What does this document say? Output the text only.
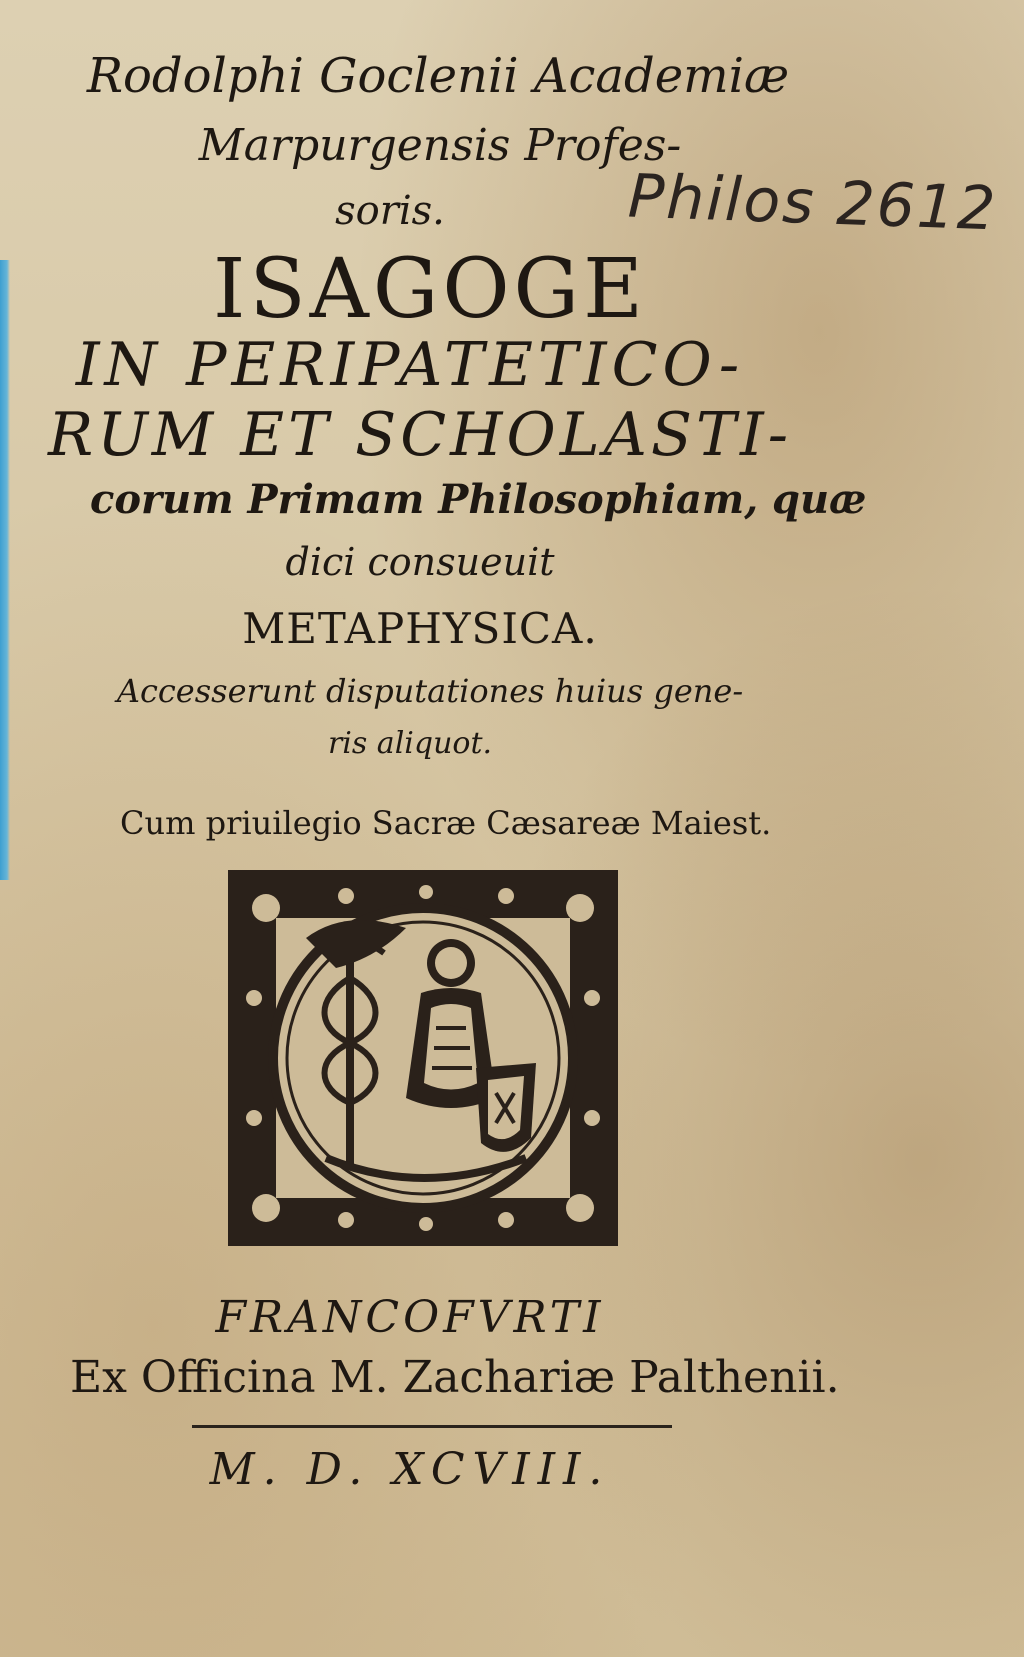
Rodolphi Goclenii Academiæ
Marpurgensis Profes-
soris.	Philos 2612
ISAGOGE
IN PERIPATETICO-
RUM ET SCHOLASTI-
corum Primam Philosophiam, quæ
dici consueuit
METAPHYSICA.
Accesserunt disputationes huius gene-
ris aliquot.
Cum priuilegio Sacræ Cæsareæ Maiest.
FRANCOFVRTI
Ex Officina M. Zachariæ Palthenii.
M. D. XCVIII.
